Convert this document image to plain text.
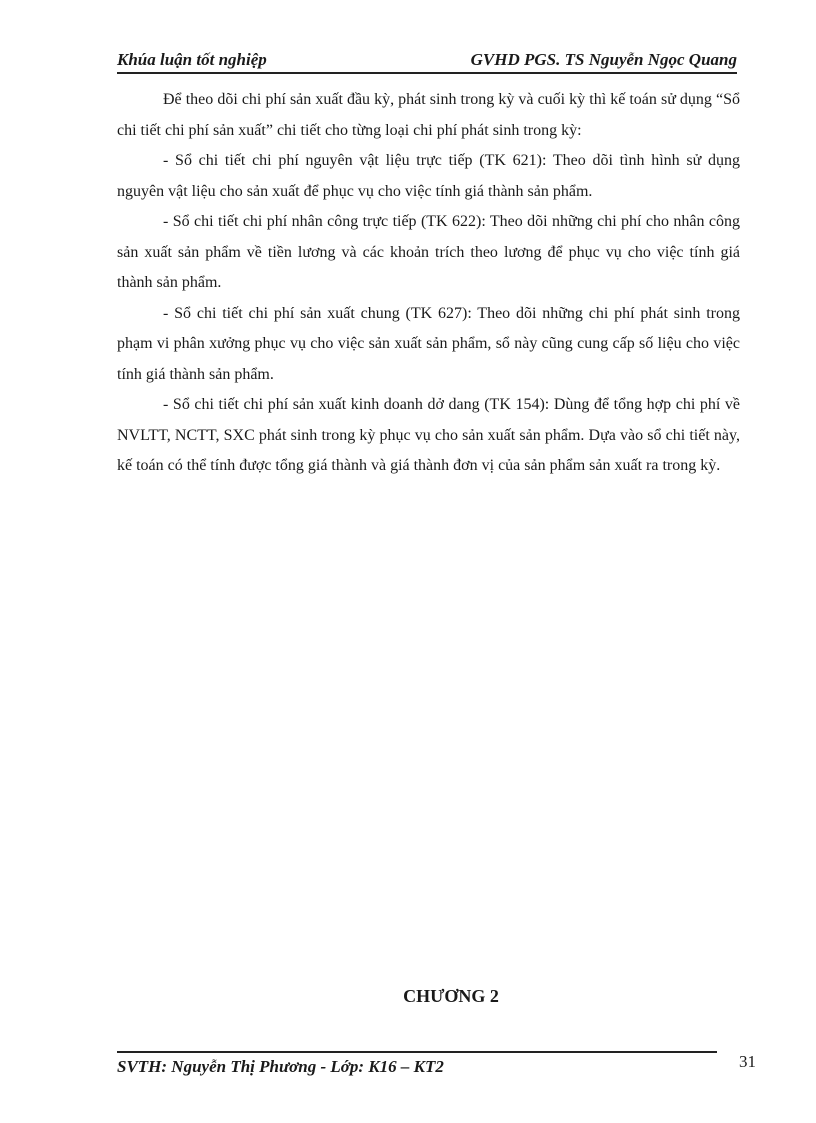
Khúa luận tốt nghiệp	GVHD PGS. TS Nguyễn Ngọc Quang

Để theo dõi chi phí sản xuất đầu kỳ, phát sinh trong kỳ và cuối kỳ thì kế toán sử dụng “Sổ chi tiết chi phí sản xuất” chi tiết cho từng loại chi phí phát sinh trong kỳ:

- Sổ chi tiết chi phí nguyên vật liệu trực tiếp (TK 621): Theo dõi tình hình sử dụng nguyên vật liệu cho sản xuất để phục vụ cho việc tính giá thành sản phẩm.

- Sổ chi tiết chi phí nhân công trực tiếp (TK 622): Theo dõi những chi phí cho nhân công sản xuất sản phẩm về tiền lương và các khoản trích theo lương để phục vụ cho việc tính giá thành sản phẩm.

- Sổ chi tiết chi phí sản xuất chung (TK 627): Theo dõi những chi phí phát sinh trong phạm vi phân xưởng phục vụ cho việc sản xuất sản phẩm, sổ này cũng cung cấp số liệu cho việc tính giá thành sản phẩm.

- Sổ chi tiết chi phí sản xuất kinh doanh dở dang (TK 154): Dùng để tổng hợp chi phí về NVLTT, NCTT, SXC phát sinh trong kỳ phục vụ cho sản xuất sản phẩm. Dựa vào sổ chi tiết này, kế toán có thể tính được tổng giá thành và giá thành đơn vị của sản phẩm sản xuất ra trong kỳ.

CHƯƠNG 2
SVTH: Nguyễn Thị Phương - Lớp: K16 – KT2	31
